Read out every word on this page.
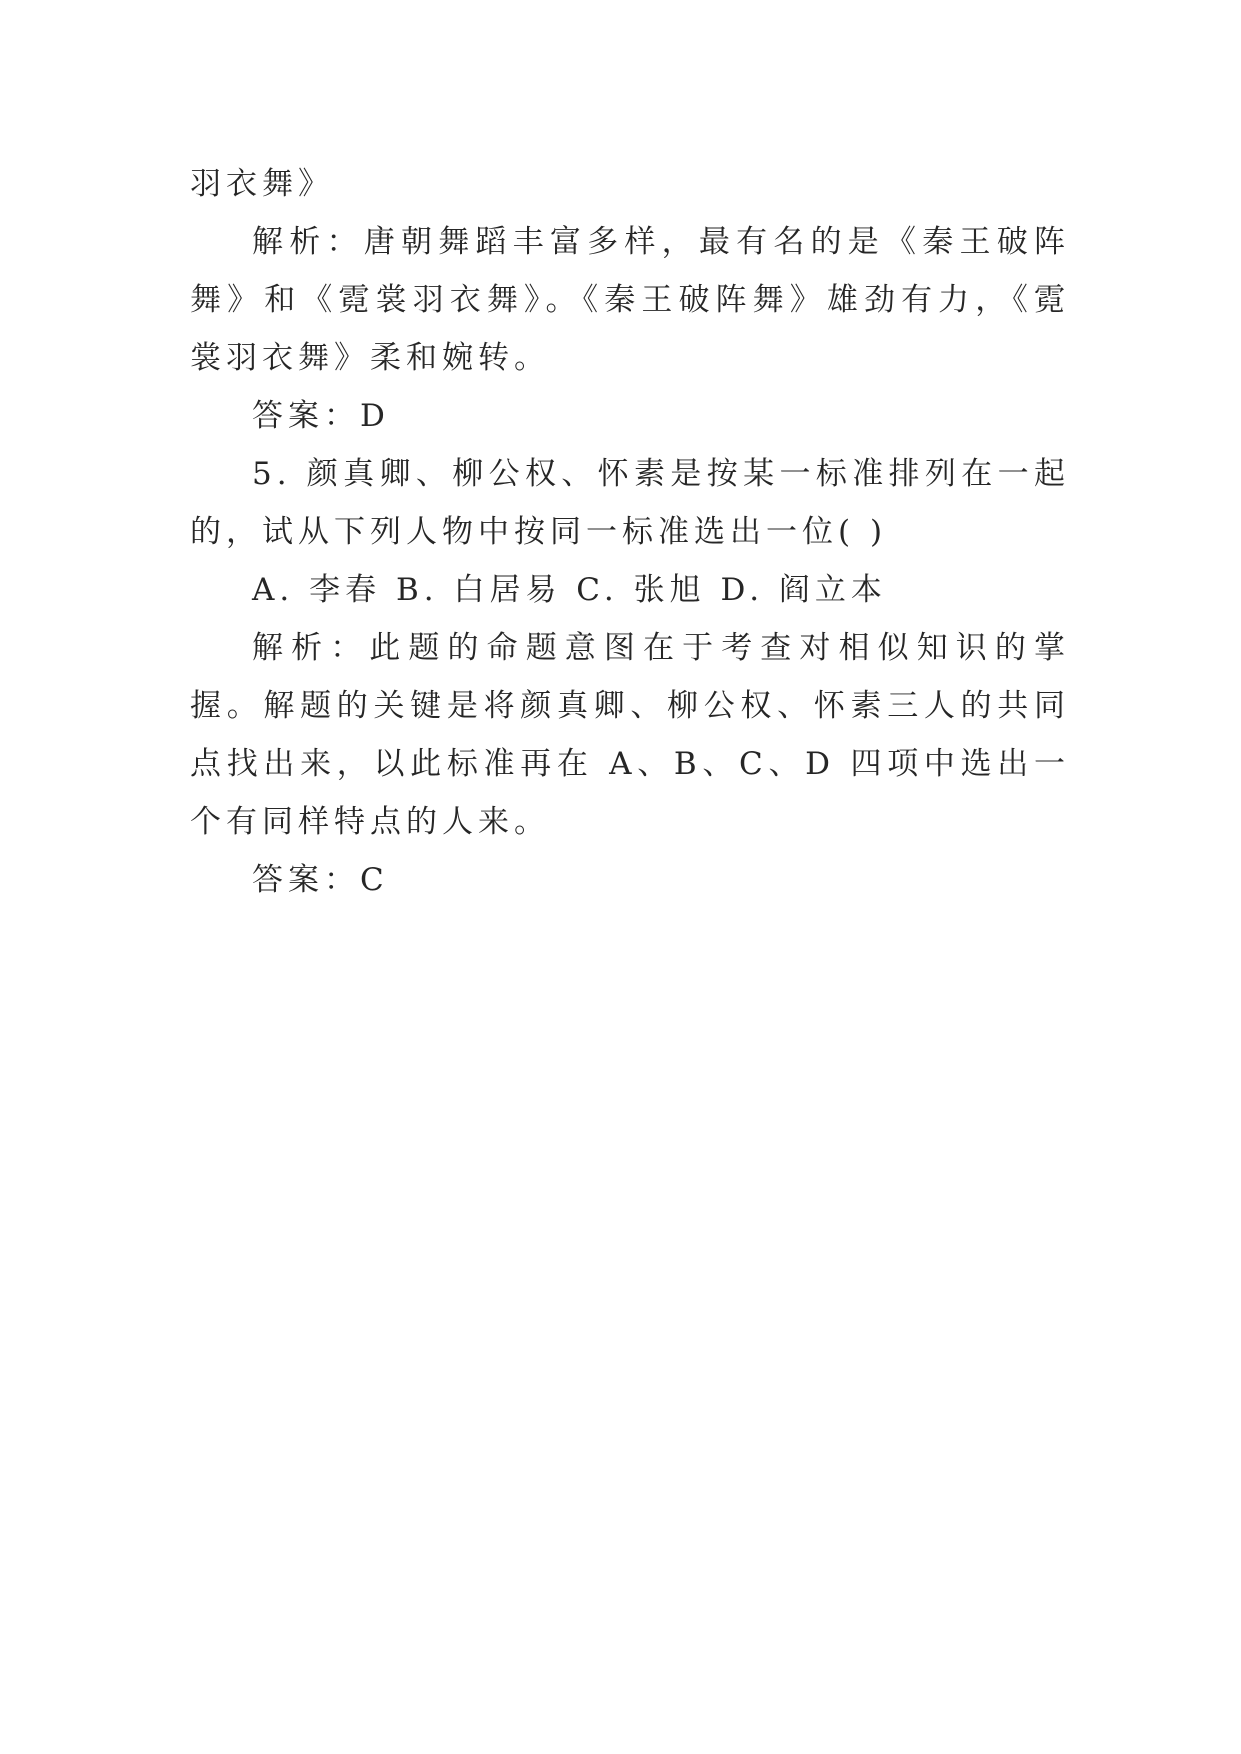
羽衣舞》

解析：唐朝舞蹈丰富多样，最有名的是《秦王破阵舞》和《霓裳羽衣舞》。《秦王破阵舞》雄劲有力，《霓裳羽衣舞》柔和婉转。

答案：D

5. 颜真卿、柳公权、怀素是按某一标准排列在一起的，试从下列人物中按同一标准选出一位( )

A. 李春 B. 白居易 C. 张旭 D. 阎立本

解析：此题的命题意图在于考查对相似知识的掌握。解题的关键是将颜真卿、柳公权、怀素三人的共同点找出来，以此标准再在 A、B、C、D 四项中选出一个有同样特点的人来。

答案：C
